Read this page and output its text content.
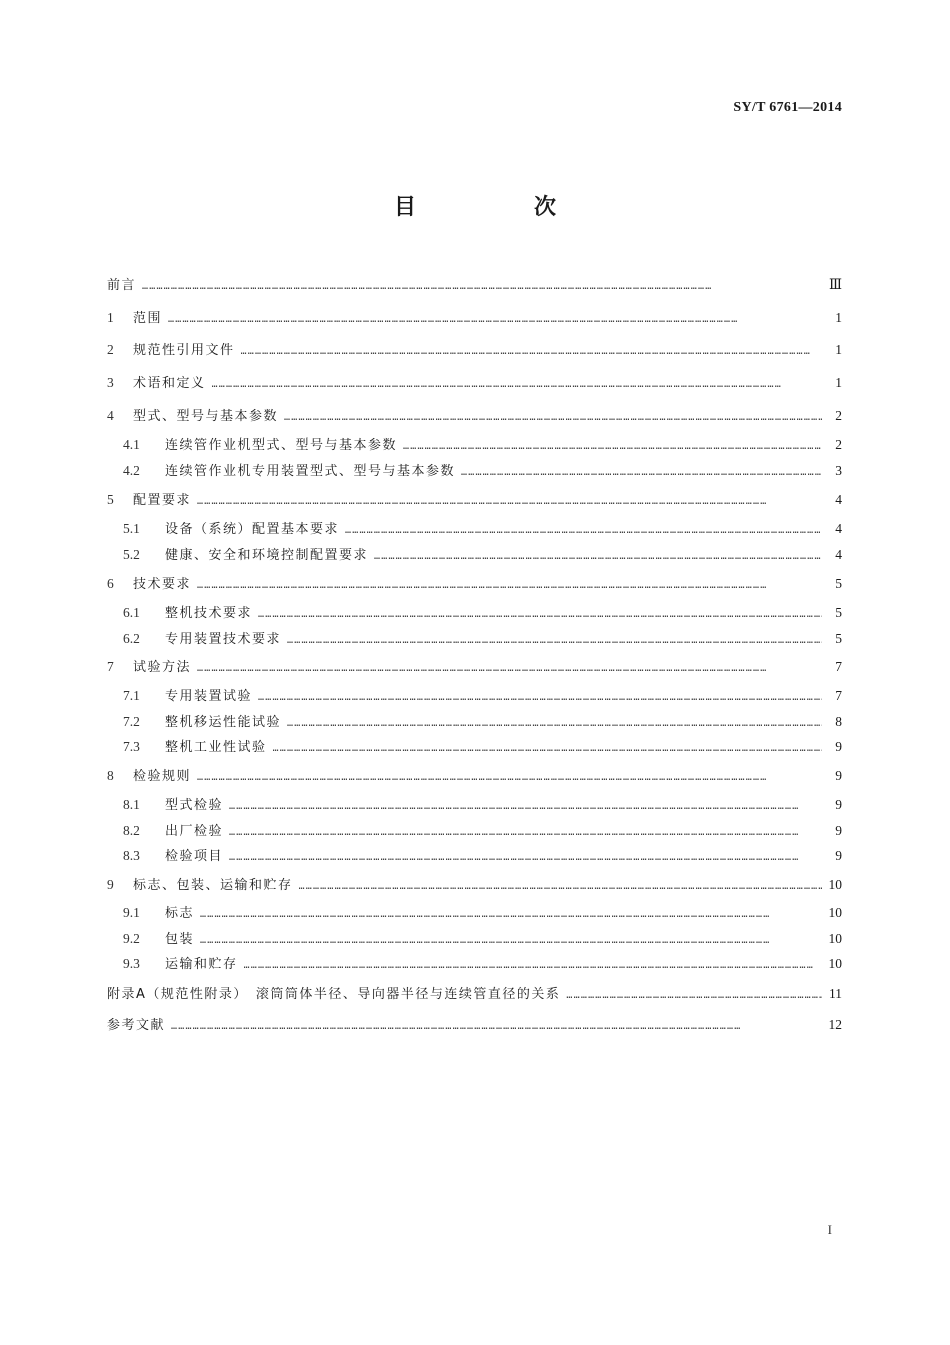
SY/T 6761—2014
目　次
前言 …………………………………………………………………………………………………………………………………………………………………………………………………………………	Ⅲ
1	范围 …………………………………………………………………………………………………………………………………………………………………………………………………………………	1
2	规范性引用文件 …………………………………………………………………………………………………………………………………………………………………………………………………………………	1
3	术语和定义 …………………………………………………………………………………………………………………………………………………………………………………………………………………	1
4	型式、型号与基本参数 …………………………………………………………………………………………………………………………………………………………………………………………………………………	2
4.1	连续管作业机型式、型号与基本参数 …………………………………………………………………………………………………………………………………………………………………………………………………………………	2
4.2	连续管作业机专用装置型式、型号与基本参数 …………………………………………………………………………………………………………………………………………………………………………………………………………………	3
5	配置要求 …………………………………………………………………………………………………………………………………………………………………………………………………………………	4
5.1	设备（系统）配置基本要求 …………………………………………………………………………………………………………………………………………………………………………………………………………………	4
5.2	健康、安全和环境控制配置要求 …………………………………………………………………………………………………………………………………………………………………………………………………………………	4
6	技术要求 …………………………………………………………………………………………………………………………………………………………………………………………………………………	5
6.1	整机技术要求 …………………………………………………………………………………………………………………………………………………………………………………………………………………	5
6.2	专用装置技术要求 …………………………………………………………………………………………………………………………………………………………………………………………………………………	5
7	试验方法 …………………………………………………………………………………………………………………………………………………………………………………………………………………	7
7.1	专用装置试验 …………………………………………………………………………………………………………………………………………………………………………………………………………………	7
7.2	整机移运性能试验 …………………………………………………………………………………………………………………………………………………………………………………………………………………	8
7.3	整机工业性试验 …………………………………………………………………………………………………………………………………………………………………………………………………………………	9
8	检验规则 …………………………………………………………………………………………………………………………………………………………………………………………………………………	9
8.1	型式检验 …………………………………………………………………………………………………………………………………………………………………………………………………………………	9
8.2	出厂检验 …………………………………………………………………………………………………………………………………………………………………………………………………………………	9
8.3	检验项目 …………………………………………………………………………………………………………………………………………………………………………………………………………………	9
9	标志、包装、运输和贮存 …………………………………………………………………………………………………………………………………………………………………………………………………………………	10
9.1	标志 …………………………………………………………………………………………………………………………………………………………………………………………………………………	10
9.2	包装 …………………………………………………………………………………………………………………………………………………………………………………………………………………	10
9.3	运输和贮存 …………………………………………………………………………………………………………………………………………………………………………………………………………………	10
附录A（规范性附录）　滚筒筒体半径、导向器半径与连续管直径的关系 …………………………………………………………………………………………………………………………………………………………………………………………………………………	11
参考文献 …………………………………………………………………………………………………………………………………………………………………………………………………………………	12
I
